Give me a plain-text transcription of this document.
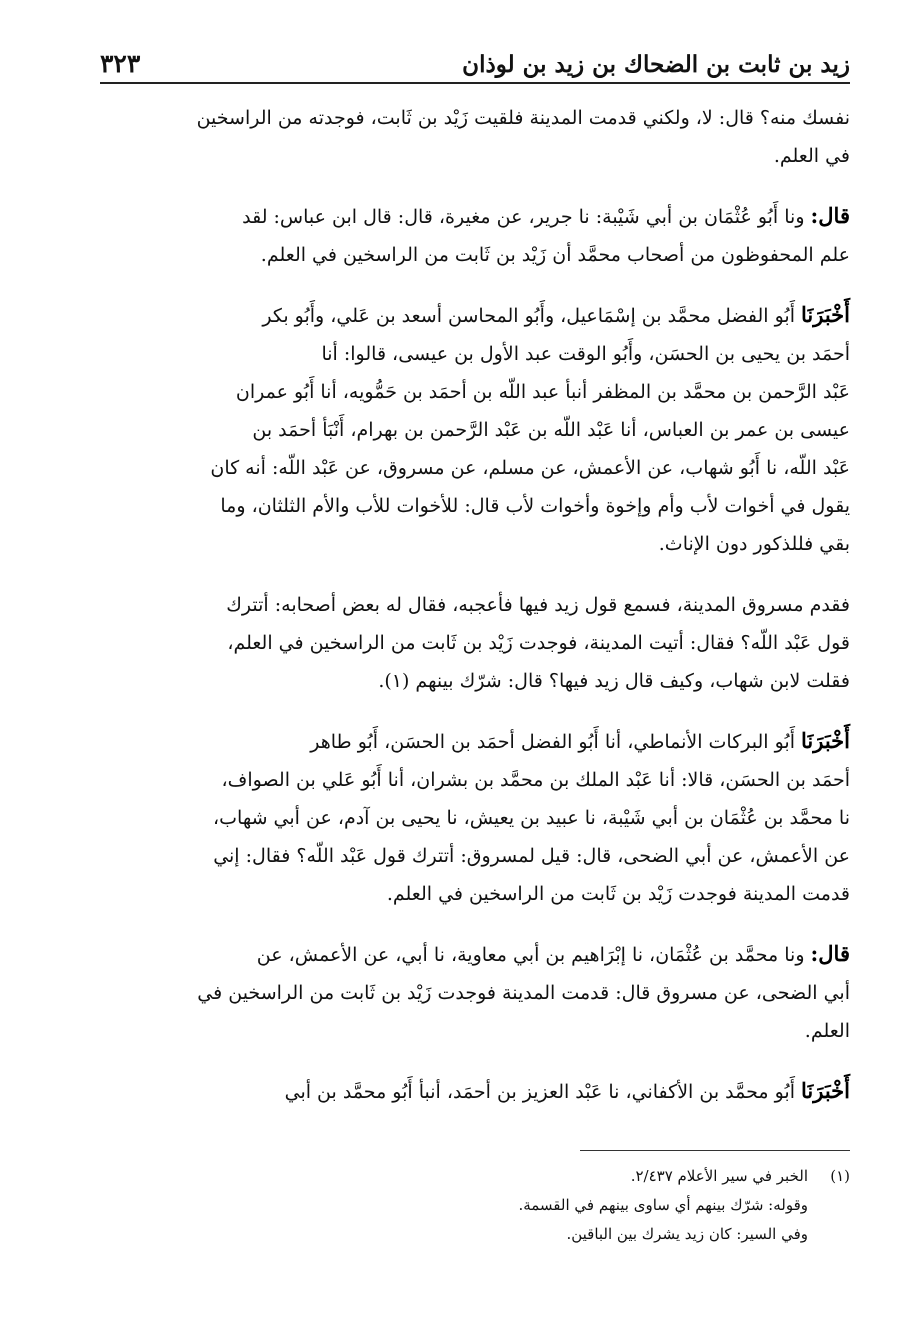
زيد بن ثابت بن الضحاك بن زيد بن لوذان
٣٢٣

نفسك منه؟ قال: لا، ولكني قدمت المدينة فلقيت زَيْد بن ثَابت، فوجدته من الراسخين
في العلم.

قال: ونا أَبُو عُثْمَان بن أبي شَيْبة: نا جرير، عن مغيرة، قال: قال ابن عباس: لقد
علم المحفوظون من أصحاب محمَّد أن زَيْد بن ثَابت من الراسخين في العلم.

أَخْبَرَنَا أَبُو الفضل محمَّد بن إسْمَاعيل، وأَبُو المحاسن أسعد بن عَلي، وأَبُو بكر
أحمَد بن يحيى بن الحسَن، وأَبُو الوقت عبد الأول بن عيسى، قالوا: أنا
عَبْد الرَّحمن بن محمَّد بن المظفر أنبأ عبد اللّه بن أحمَد بن حَمُّويه، أنا أَبُو عمران
عيسى بن عمر بن العباس، أنا عَبْد اللّه بن عَبْد الرَّحمن بن بهرام، أَنْبَأ أحمَد بن
عَبْد اللّه، نا أَبُو شهاب، عن الأعمش، عن مسلم، عن مسروق، عن عَبْد اللّه: أنه كان
يقول في أخوات لأب وأم وإخوة وأخوات لأب قال: للأخوات للأب والأم الثلثان، وما
بقي فللذكور دون الإناث.

فقدم مسروق المدينة، فسمع قول زيد فيها فأعجبه، فقال له بعض أصحابه: أتترك
قول عَبْد اللّه؟ فقال: أتيت المدينة، فوجدت زَيْد بن ثَابت من الراسخين في العلم،
فقلت لابن شهاب، وكيف قال زيد فيها؟ قال: شرّك بينهم (١).

أَخْبَرَنَا أَبُو البركات الأنماطي، أنا أَبُو الفضل أحمَد بن الحسَن، أَبُو طاهر
أحمَد بن الحسَن، قالا: أنا عَبْد الملك بن محمَّد بن بشران، أنا أَبُو عَلي بن الصواف،
نا محمَّد بن عُثْمَان بن أبي شَيْبة، نا عبيد بن يعيش، نا يحيى بن آدم، عن أبي شهاب،
عن الأعمش، عن أبي الضحى، قال: قيل لمسروق: أتترك قول عَبْد اللّه؟ فقال: إني
قدمت المدينة فوجدت زَيْد بن ثَابت من الراسخين في العلم.

قال: ونا محمَّد بن عُثْمَان، نا إبْرَاهيم بن أبي معاوية، نا أبي، عن الأعمش، عن
أبي الضحى، عن مسروق قال: قدمت المدينة فوجدت زَيْد بن ثَابت من الراسخين في
العلم.

أَخْبَرَنَا أَبُو محمَّد بن الأكفاني، نا عَبْد العزيز بن أحمَد، أنبأ أَبُو محمَّد بن أبي

(١)الخبر في سير الأعلام ٢/٤٣٧.

وقوله: شرّك بينهم أي ساوى بينهم في القسمة.

وفي السير: كان زيد يشرك بين الباقين.
